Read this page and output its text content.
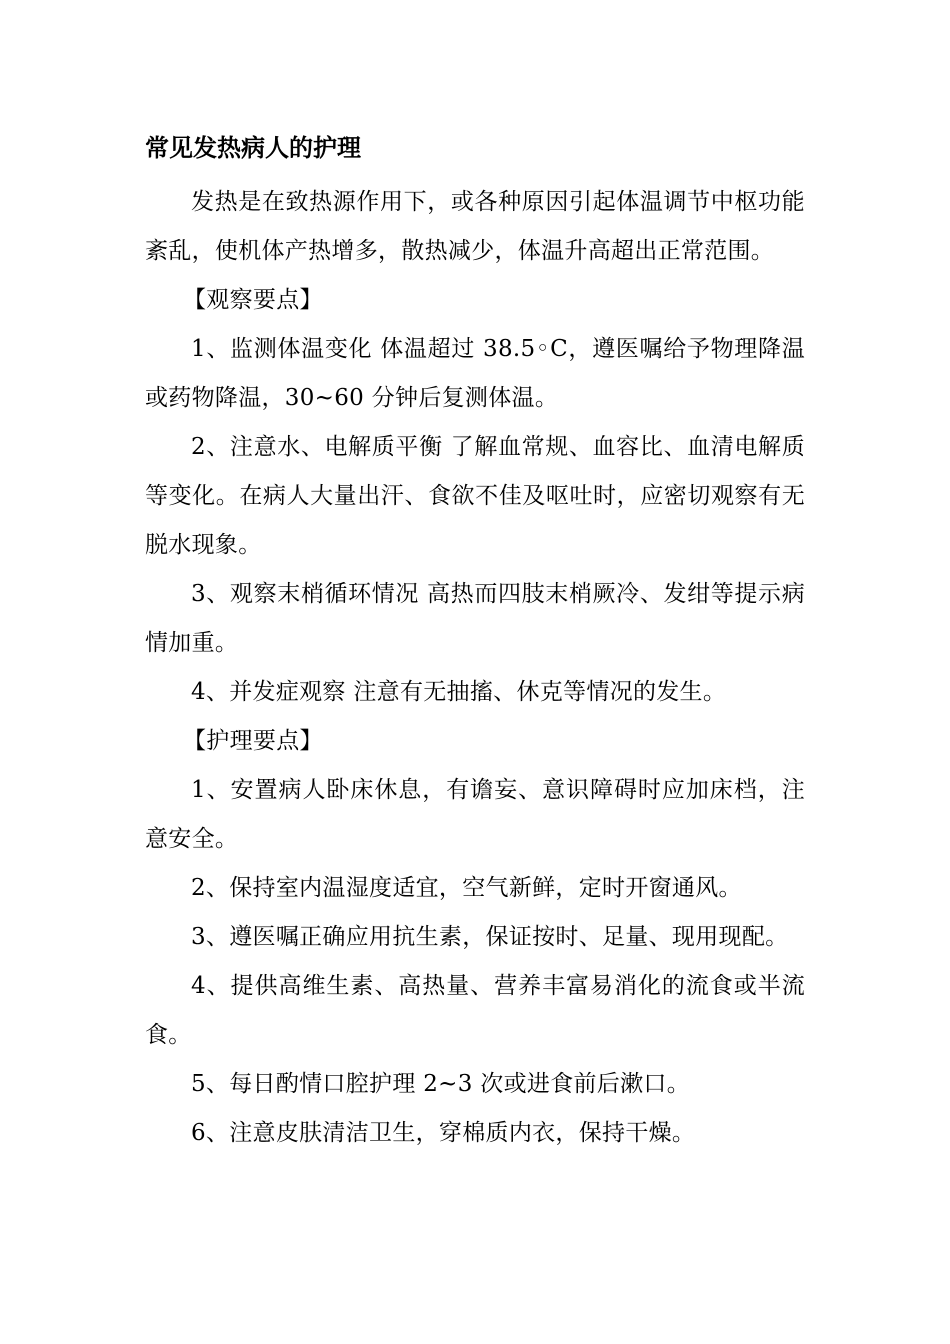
常见发热病人的护理

发热是在致热源作用下，或各种原因引起体温调节中枢功能紊乱，使机体产热增多，散热减少，体温升高超出正常范围。

【观察要点】

1、监测体温变化 体温超过 38.5◦C，遵医嘱给予物理降温或药物降温，30~60 分钟后复测体温。

2、注意水、电解质平衡 了解血常规、血容比、血清电解质等变化。在病人大量出汗、食欲不佳及呕吐时，应密切观察有无脱水现象。

3、观察末梢循环情况 高热而四肢末梢厥冷、发绀等提示病情加重。

4、并发症观察 注意有无抽搐、休克等情况的发生。

【护理要点】

1、安置病人卧床休息，有谵妄、意识障碍时应加床档，注意安全。

2、保持室内温湿度适宜，空气新鲜，定时开窗通风。

3、遵医嘱正确应用抗生素，保证按时、足量、现用现配。

4、提供高维生素、高热量、营养丰富易消化的流食或半流食。

5、每日酌情口腔护理 2~3 次或进食前后漱口。

6、注意皮肤清洁卫生，穿棉质内衣，保持干燥。
